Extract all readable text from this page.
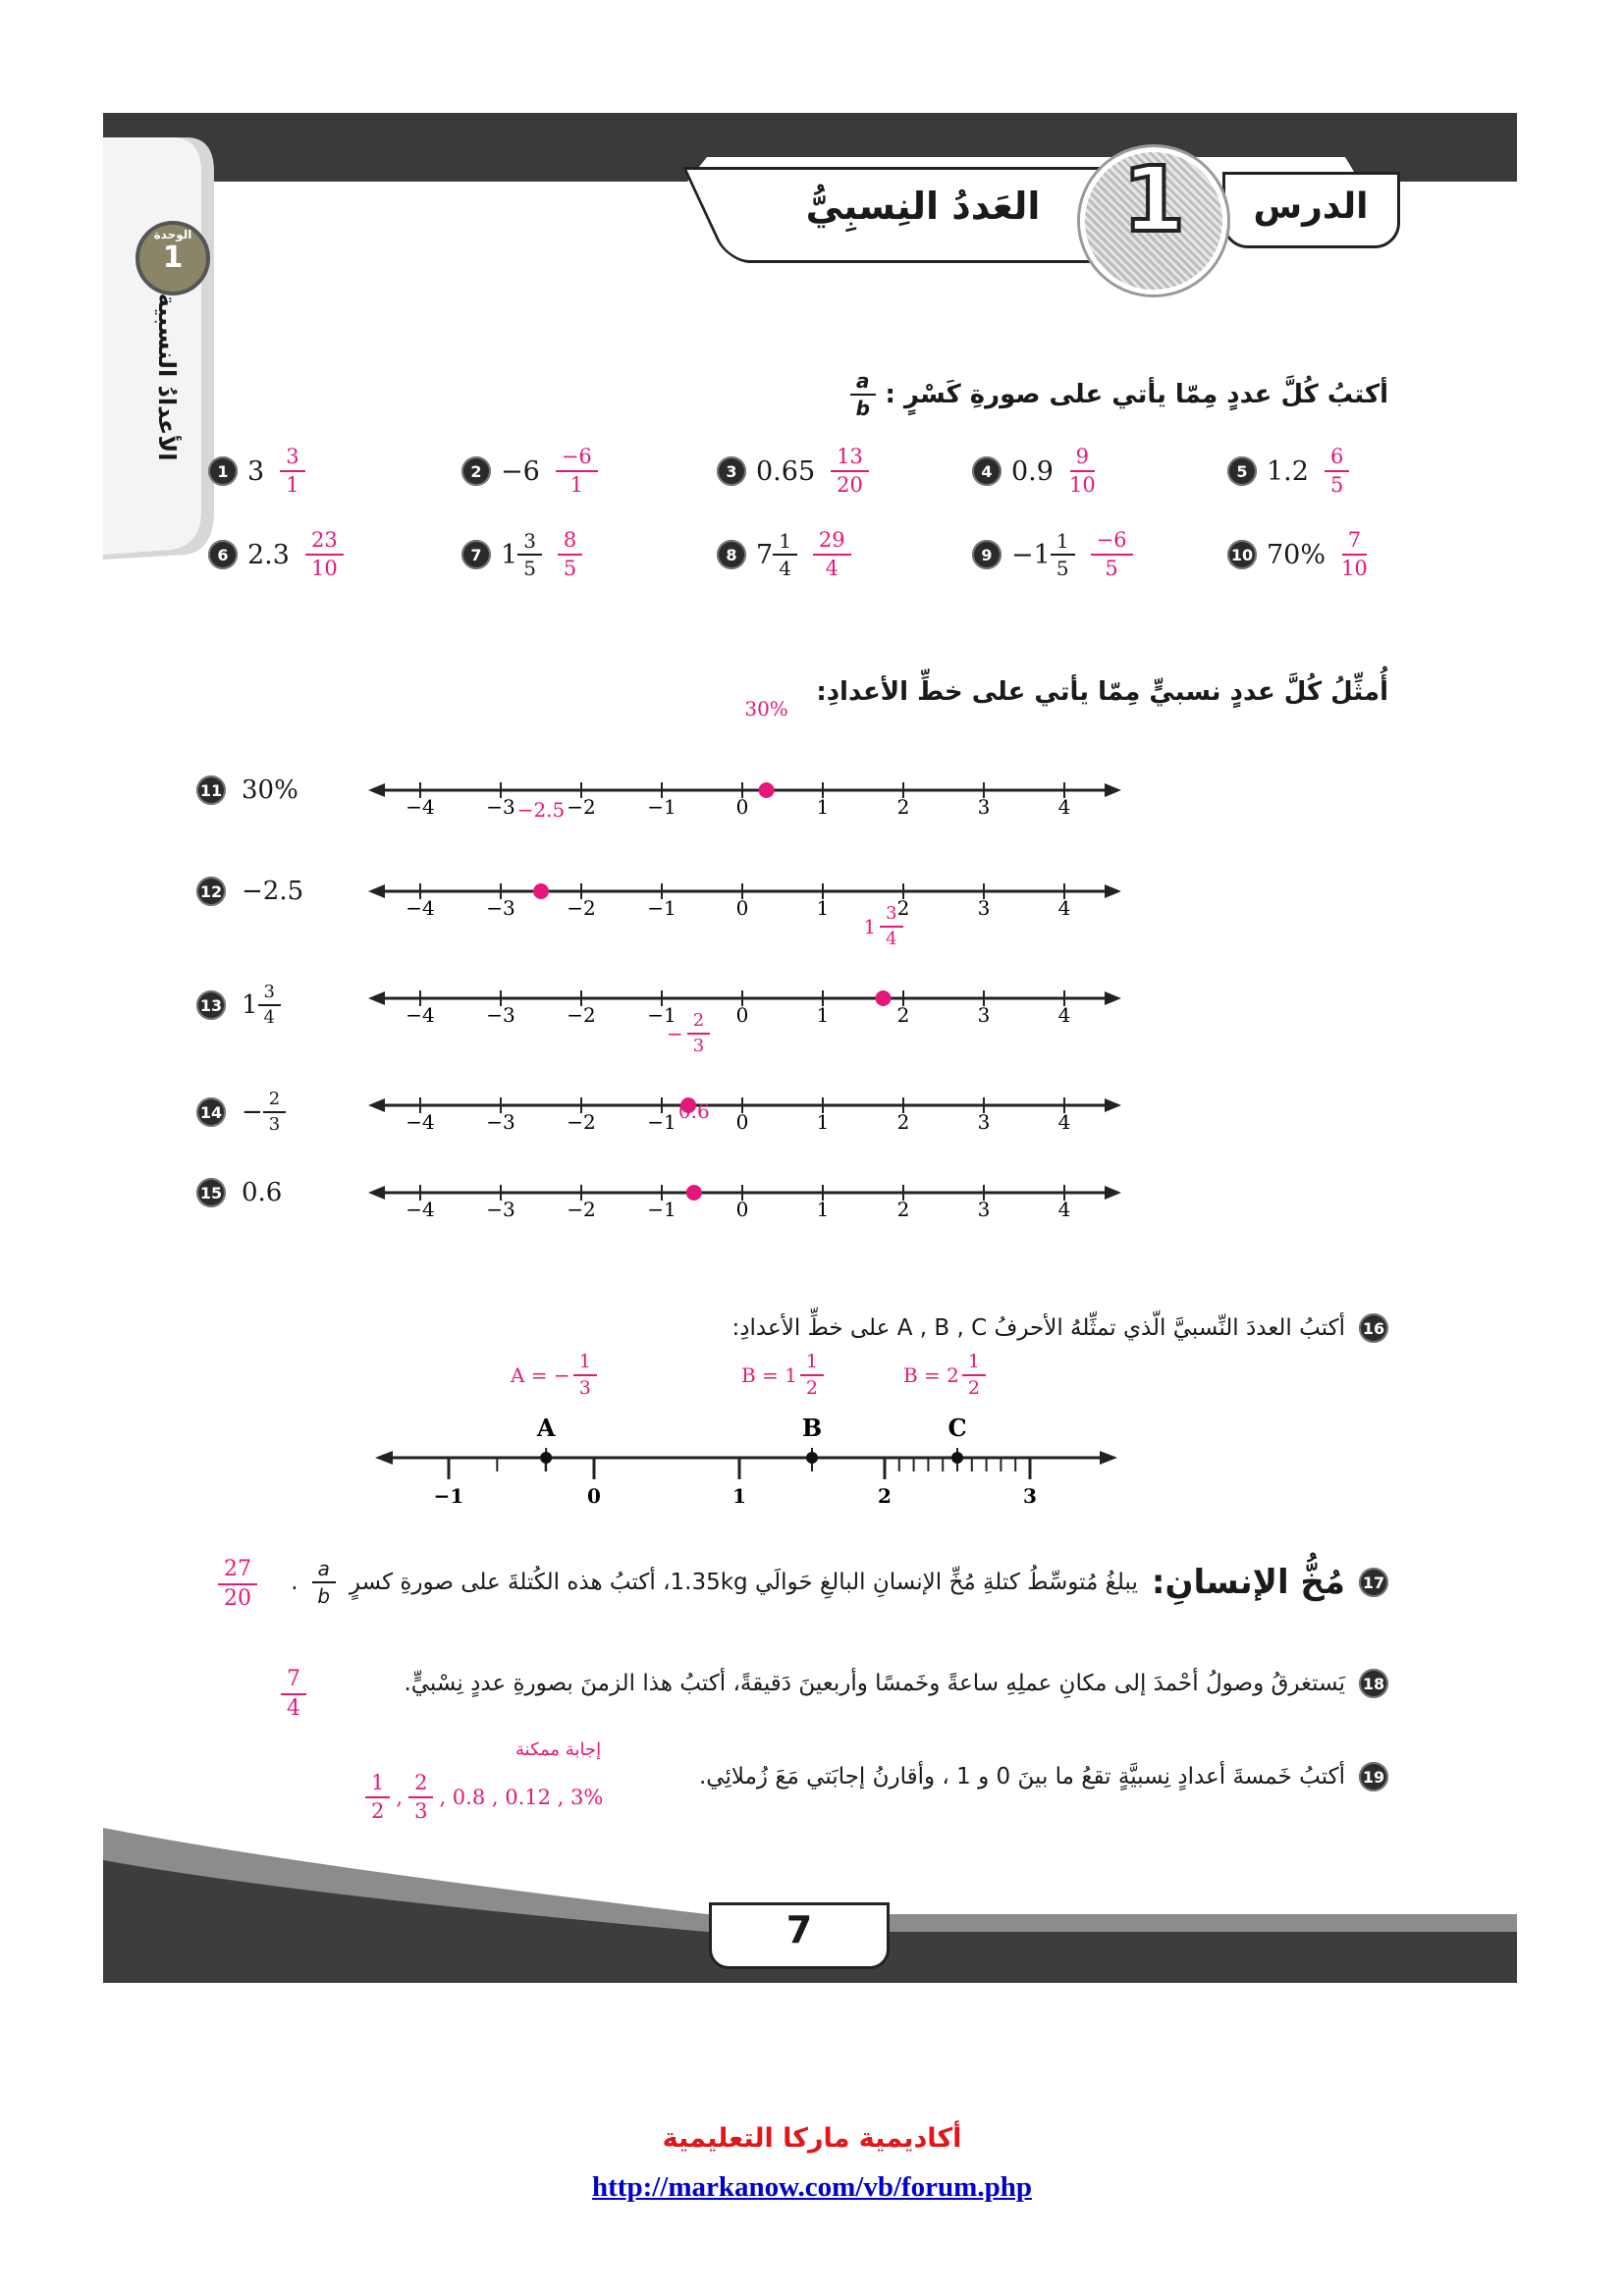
العَددُ النِسبِيُّ	الدرس
1
الوحدة
1
الأعدادُ النسبية	أكتبُ كُلَّ عددٍ مِمّا يأتي على صورةِ كَسْرٍ :
$\frac{a}{b}$
1 $3 \frac{3}{1}$	$2 -6 \frac{-6}{1}$	3 $0.65 \frac{13}{20}$	4 $0.9 \frac{9}{10}$	5 $1.2 \frac{6}{5}$
6 $2.3 \frac{23}{10}$	7 $1 \frac{3}{5} \frac{8}{5}$	8 $7 \frac{1}{4} \frac{29}{4}$	$9 -1 \frac{1}{5} \frac{-6}{5}$	10 $70\% \frac{7}{10}$
أُمثِّلُ كُلَّ عددٍ نسبيٍّ مِمّا يأتي على خطِّ الأعدادِ:
11 30%
−4	−3	−2	−1	0	1	2	3	4
30%
12 −2.5
−4	−3	−2	−1	0	1	2	3	4
−2.5
13 $1 \frac{3}{4}$	−4	−3	−2	−1	0	1	2	3	4
$1 \frac{3}{4}$
$14 - \frac{2}{3}$	−4	−3	−2	−1	0	1	2	3	4
− $\frac{2}{3}$
15 0.6
−4	−3	−2	−1	0	1	2	3	4
0.6
16
أكتبُ العددَ النِّسبيَّ الّذي تمثِّلهُ الأحرفُ A , B , C على خطِّ الأعدادِ:
−1	0	1	2	3
A	B	C
A = − $\frac{1}{3}$	$B = 1 \frac{1}{2}$	$B = 2 \frac{1}{2}$
17
مُخُّ الإنسانِ:
يبلغُ مُتوسِّطُ كتلةِ مُخِّ الإنسانِ البالغِ حَوالَي 1.35kg، أكتبُ هذه الكُتلةَ على صورةِ كسرٍ
$\frac{a}{b}$
.
$\frac{27}{20}$
18
يَستغرقُ وصولُ أحْمدَ إلى مكانِ عملِهِ ساعةً وخَمسًا وأربعينَ دَقيقةً، أكتبُ هذا الزمنَ بصورةِ عددٍ نِسْبيٍّ.
$\frac{7}{4}$
19
أكتبُ خَمسةَ أعدادٍ نِسبيَّةٍ تقعُ ما بينَ 0 و 1 ، وأقارنُ إجابَتي مَعَ زُملائِي.
إجابة ممكنة
$\frac{1}{2}$ , $\frac{2}{3}$ , 0.8 , 0.12 , 3%
7
أكاديمية ماركا التعليمية
http://markanow.com/vb/forum.php
